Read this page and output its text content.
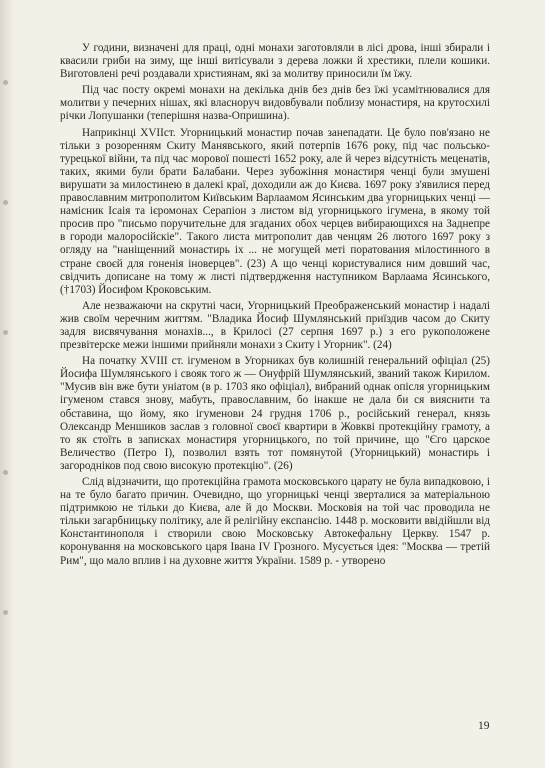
У години, визначені для праці, одні монахи заготовляли в лісі дрова, інші збирали і квасили гриби на зиму, ще інші витісували з дерева ложки й хрестики, плели кошики. Виготовлені речі роздавали християнам, які за молитву приносили їм їжу.

Під час посту окремі монахи на декілька днів без днів без їжі усамітнювалися для молитви у печерних нішах, які власноруч видовбували поблизу монастиря, на крутосхилі річки Лопушанки (теперішня назва-Опришина).

Наприкінці XVIIст. Угорницький монастир почав занепадати. Це було пов'язано не тільки з розоренням Скиту Манявського, який потерпів 1676 року, під час польсько-турецької війни, та під час морової пошесті 1652 року, але й через відсутність меценатів, таких, якими були брати Балабани. Через зубожіння монастиря ченці були змушені вирушати за милостинею в далекі краї, доходили аж до Києва. 1697 року з'явилися перед православним митрополитом Київським Варлаамом Ясинським два угорницьких ченці — намісник Ісаія та ієромонах Серапіон з листом від угорницького ігумена, в якому той просив про "письмо поручительне для згаданих обох черцев вибирающихся на Заднепре в городи малоросійскіе". Такого листа митрополит дав ченцям 26 лютого 1697 року з огляду на "наніщенний монастирь іх ... не могущей меті поратования мілостинного в стране своєй для гоненія іноверцев". (23) А що ченці користувалися ним довший час, свідчить дописане на тому ж листі підтвердження наступником Варлаама Ясинського, (†1703) Йосифом Кроковським.

Але незважаючи на скрутні часи, Угорницький Преображенський монастир і надалі жив своїм черечним життям. "Владика Йосиф Шумлянський приїздив часом до Скиту задля висвячування монахів..., в Крилосі (27 серпня 1697 р.) з его рукоположене презвітерске межи іншими прийняли монахи з Скиту і Угорник". (24)

На початку XVIII ст. ігуменом в Угорниках був колишній генеральний офіціал (25) Йосифа Шумлянського і свояк того ж — Онуфрій Шумлянський, званий також Кирилом. "Мусив він вже бути уніатом (в р. 1703 яко офіціал), вибраний однак опісля угорницьким ігуменом стався знову, мабуть, православним, бо інакше не дала би ся вияснити та обставина, що йому, яко ігуменови 24 грудня 1706 р., російський генерал, князь Олександр Меншиков заслав з головної своєї квартири в Жовкві протекційну грамоту, а то як стоїть в записках монастиря угорницького, по той причине, що "Єго царское Величество (Петро І), позволил взять тот помянутой (Угорницький) монастирь і загородніков под свою високую протекцію". (26)

Слід відзначити, що протекційна грамота московського царату не була випадковою, і на те було багато причин. Очевидно, що угорницькі ченці зверталися за матеріальною підтримкою не тільки до Києва, але й до Москви. Московія на той час проводила не тільки загарбницьку політику, але й релігійну експансію. 1448 р. московити ввідійшли від Константинополя і створили свою Московську Автокефальну Церкву. 1547 р. коронування на московського царя Івана IV Грозного. Мусується ідея: "Москва — третій Рим", що мало вплив і на духовне життя України. 1589 р. - утворено

19
